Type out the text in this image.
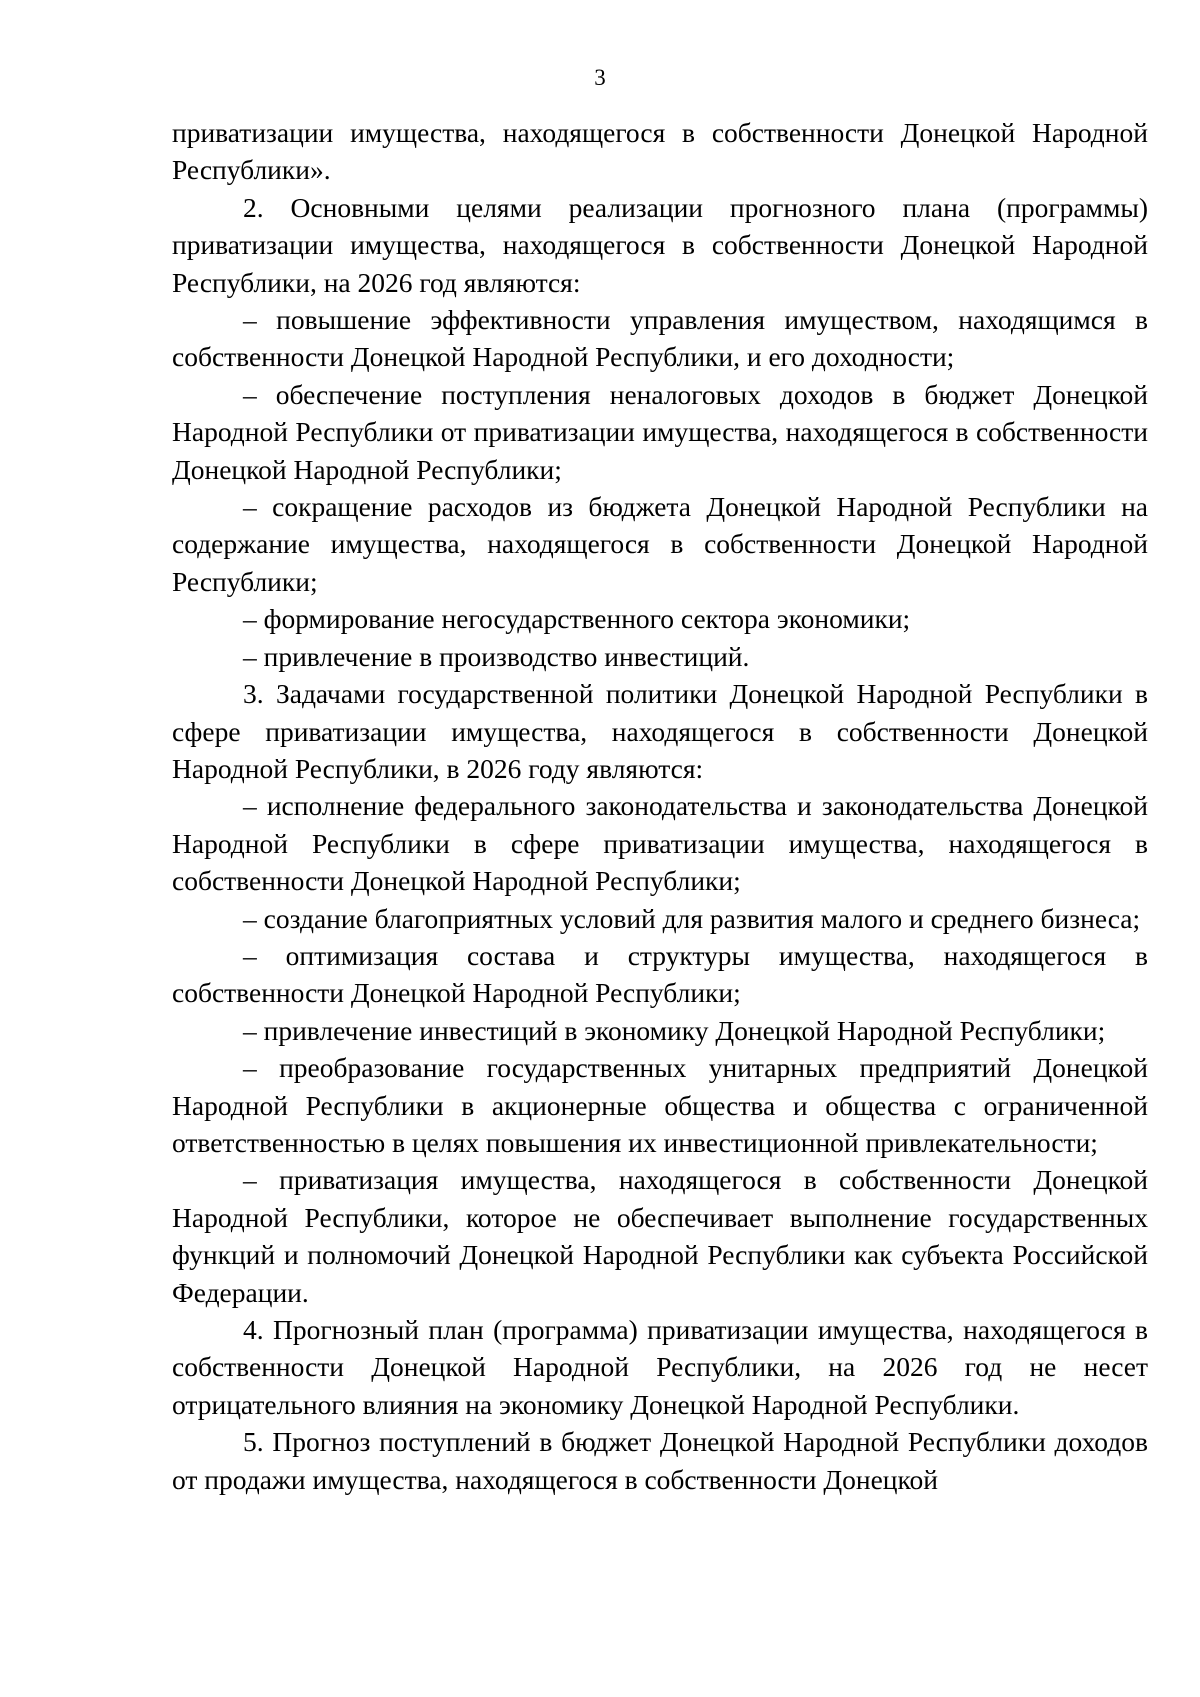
3

приватизации имущества, находящегося в собственности Донецкой Народной Республики».

2. Основными целями реализации прогнозного плана (программы) приватизации имущества, находящегося в собственности Донецкой Народной Республики, на 2026 год являются:

– повышение эффективности управления имуществом, находящимся в собственности Донецкой Народной Республики, и его доходности;

– обеспечение поступления неналоговых доходов в бюджет Донецкой Народной Республики от приватизации имущества, находящегося в собственности Донецкой Народной Республики;

– сокращение расходов из бюджета Донецкой Народной Республики на содержание имущества, находящегося в собственности Донецкой Народной Республики;

– формирование негосударственного сектора экономики;

– привлечение в производство инвестиций.

3. Задачами государственной политики Донецкой Народной Республики в сфере приватизации имущества, находящегося в собственности Донецкой Народной Республики, в 2026 году являются:

– исполнение федерального законодательства и законодательства Донецкой Народной Республики в сфере приватизации имущества, находящегося в собственности Донецкой Народной Республики;

– создание благоприятных условий для развития малого и среднего бизнеса;

– оптимизация состава и структуры имущества, находящегося в собственности Донецкой Народной Республики;

– привлечение инвестиций в экономику Донецкой Народной Республики;

– преобразование государственных унитарных предприятий Донецкой Народной Республики в акционерные общества и общества с ограниченной ответственностью в целях повышения их инвестиционной привлекательности;

– приватизация имущества, находящегося в собственности Донецкой Народной Республики, которое не обеспечивает выполнение государственных функций и полномочий Донецкой Народной Республики как субъекта Российской Федерации.

4. Прогнозный план (программа) приватизации имущества, находящегося в собственности Донецкой Народной Республики, на 2026 год не несет отрицательного влияния на экономику Донецкой Народной Республики.

5. Прогноз поступлений в бюджет Донецкой Народной Республики доходов от продажи имущества, находящегося в собственности Донецкой
